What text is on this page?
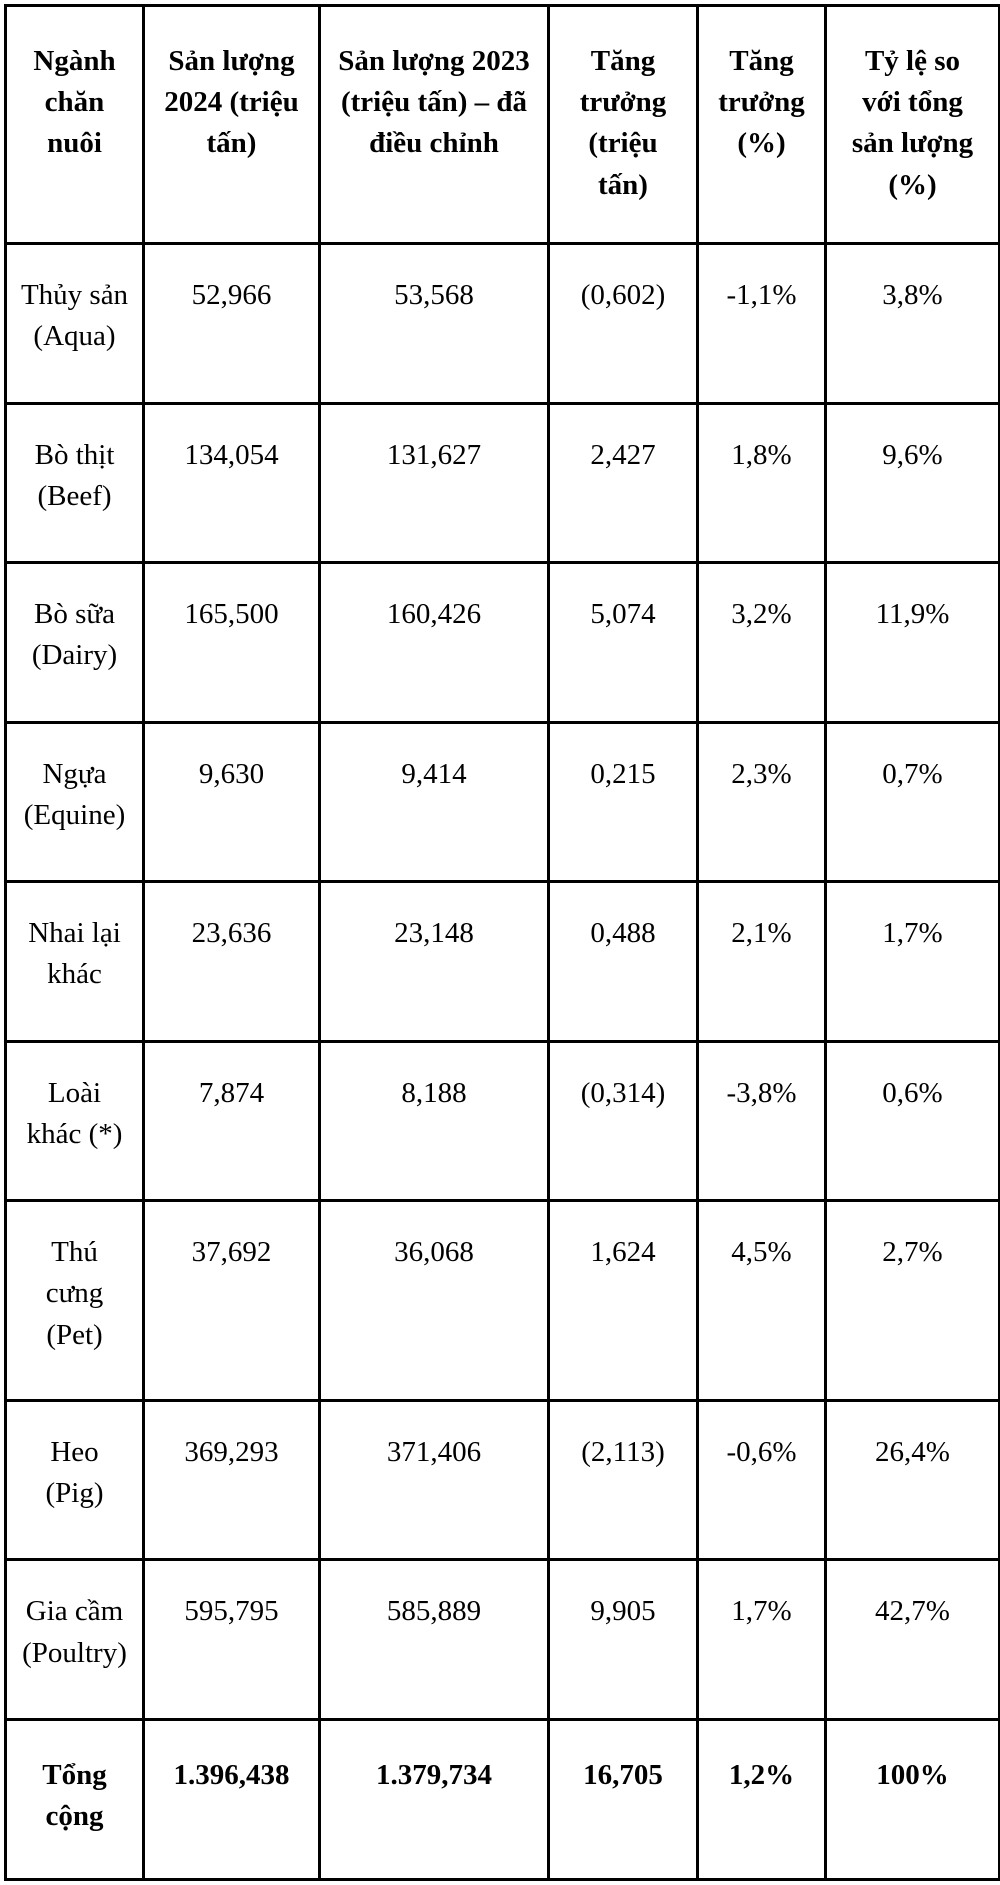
Ngành
chăn
nuôi	Sản lượng
2024 (triệu
tấn)	Sản lượng 2023
(triệu tấn) – đã
điều chỉnh	Tăng
trưởng
(triệu
tấn)	Tăng
trưởng
(%)	Tỷ lệ so
với tổng
sản lượng
(%)
Thủy sản
(Aqua)	52,966	53,568	(0,602)	-1,1%	3,8%
Bò thịt
(Beef)	134,054	131,627	2,427	1,8%	9,6%
Bò sữa
(Dairy)	165,500	160,426	5,074	3,2%	11,9%
Ngựa
(Equine)	9,630	9,414	0,215	2,3%	0,7%
Nhai lại
khác	23,636	23,148	0,488	2,1%	1,7%
Loài
khác (*)	7,874	8,188	(0,314)	-3,8%	0,6%
Thú
cưng
(Pet)	37,692	36,068	1,624	4,5%	2,7%
Heo
(Pig)	369,293	371,406	(2,113)	-0,6%	26,4%
Gia cầm
(Poultry)	595,795	585,889	9,905	1,7%	42,7%
Tổng
cộng	1.396,438	1.379,734	16,705	1,2%	100%
